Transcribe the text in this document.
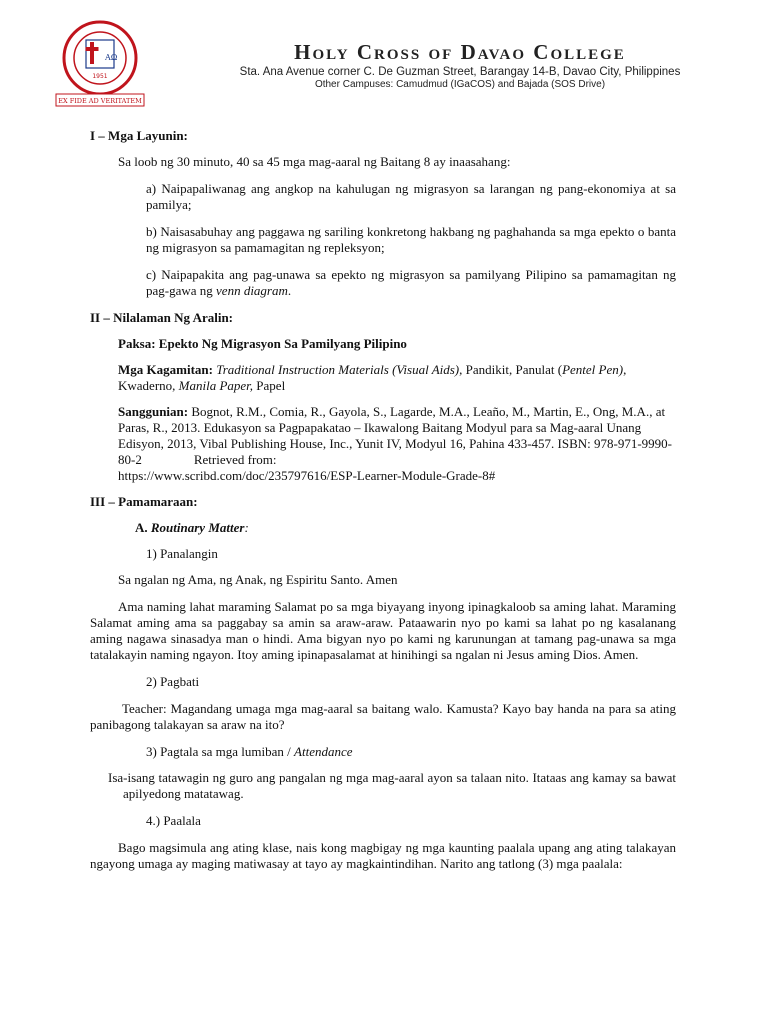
AΩ
1951
EX FIDE AD VERITATEM
Holy Cross of Davao College
Sta. Ana Avenue corner C. De Guzman Street, Barangay 14-B, Davao City, Philippines
Other Campuses: Camudmud (IGaCOS) and Bajada (SOS Drive)

I – Mga Layunin:

Sa loob ng 30 minuto, 40 sa 45 mga mag-aaral ng Baitang 8 ay inaasahang:

a) Naipapaliwanag ang angkop na kahulugan ng migrasyon sa larangan ng pang-ekonomiya at sa pamilya;

b) Naisasabuhay ang paggawa ng sariling konkretong hakbang ng paghahanda sa mga epekto o banta ng migrasyon sa pamamagitan ng repleksyon;

c) Naipapakita ang pag-unawa sa epekto ng migrasyon sa pamilyang Pilipino sa pamamagitan ng pag-gawa ng venn diagram.

II – Nilalaman Ng Aralin:

Paksa: Epekto Ng Migrasyon Sa Pamilyang Pilipino

Mga Kagamitan: Traditional Instruction Materials (Visual Aids), Pandikit, Panulat (Pentel Pen), Kwaderno, Manila Paper, Papel

Sanggunian: Bognot, R.M., Comia, R., Gayola, S., Lagarde, M.A., Leaño, M., Martin, E., Ong, M.A., at Paras, R., 2013. Edukasyon sa Pagpapakatao – Ikawalong Baitang Modyul para sa Mag-aaral Unang Edisyon, 2013, Vibal Publishing House, Inc., Yunit IV, Modyul 16, Pahina 433-457. ISBN: 978-971-9990-80-2	Retrieved from:

https://www.scribd.com/doc/235797616/ESP-Learner-Module-Grade-8#

III – Pamamaraan:

A. Routinary Matter:

1) Panalangin

Sa ngalan ng Ama, ng Anak, ng Espiritu Santo. Amen

Ama naming lahat maraming Salamat po sa mga biyayang inyong ipinagkaloob sa aming lahat. Maraming Salamat aming ama sa paggabay sa amin sa araw-araw. Pataawarin nyo po kami sa lahat po ng kasalanang aming nagawa sinasadya man o hindi. Ama bigyan nyo po kami ng karunungan at tamang pag-unawa sa mga tatalakayin naming ngayon. Itoy aming ipinapasalamat at hinihingi sa ngalan ni Jesus aming Dios. Amen.

2) Pagbati

Teacher: Magandang umaga mga mag-aaral sa baitang walo. Kamusta? Kayo bay handa na para sa ating panibagong talakayan sa araw na ito?

3) Pagtala sa mga lumiban / Attendance

Isa-isang tatawagin ng guro ang pangalan ng mga mag-aaral ayon sa talaan nito. Itataas ang kamay sa bawat apilyedong matatawag.

4.) Paalala

Bago magsimula ang ating klase, nais kong magbigay ng mga kaunting paalala upang ang ating talakayan ngayong umaga ay maging matiwasay at tayo ay magkaintindihan. Narito ang tatlong (3) mga paalala:
